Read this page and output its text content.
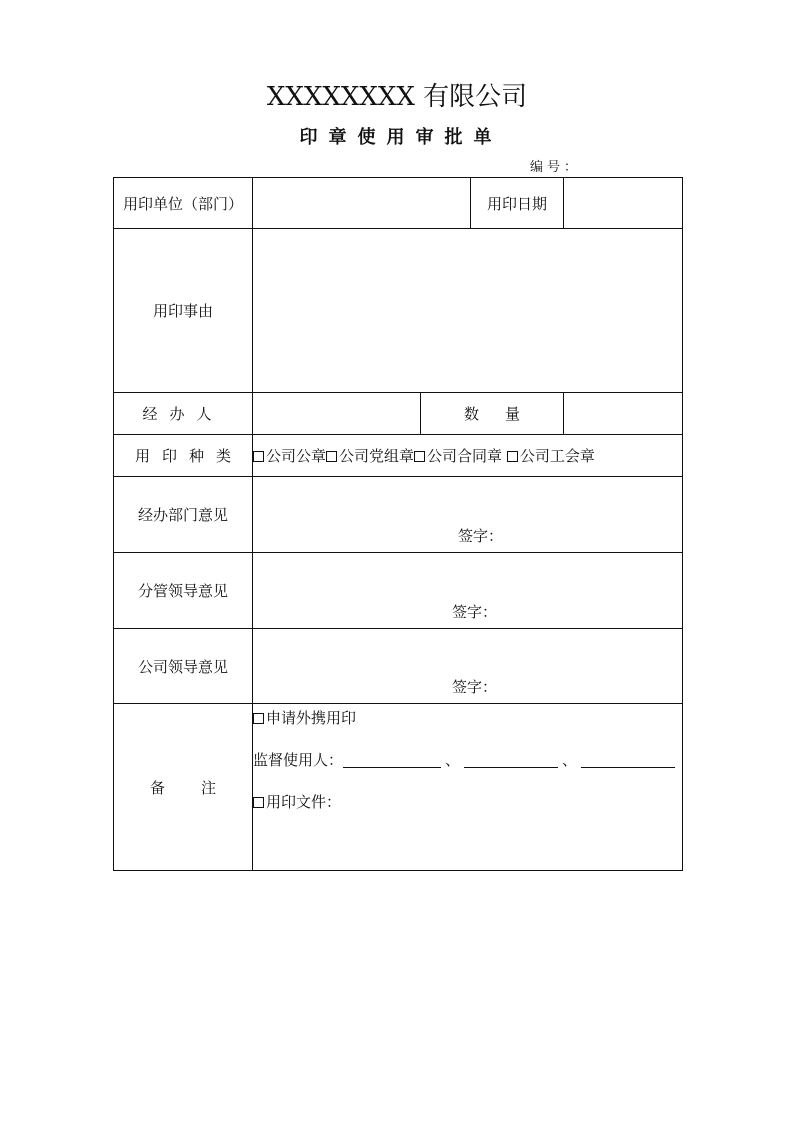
XXXXXXXX 有限公司
印章使用审批单
编号：
用印单位（部门）			用印日期	

用印事由				

经办人		数量		

用印种类	公司公章 公司党组章 公司合同章 公司工会章			
经办部门意见	签字：			

分管领导意见	签字：			

公司领导意见	签字：			

备注	申请外携用印
监督使用人： 、 、
用印文件：			
